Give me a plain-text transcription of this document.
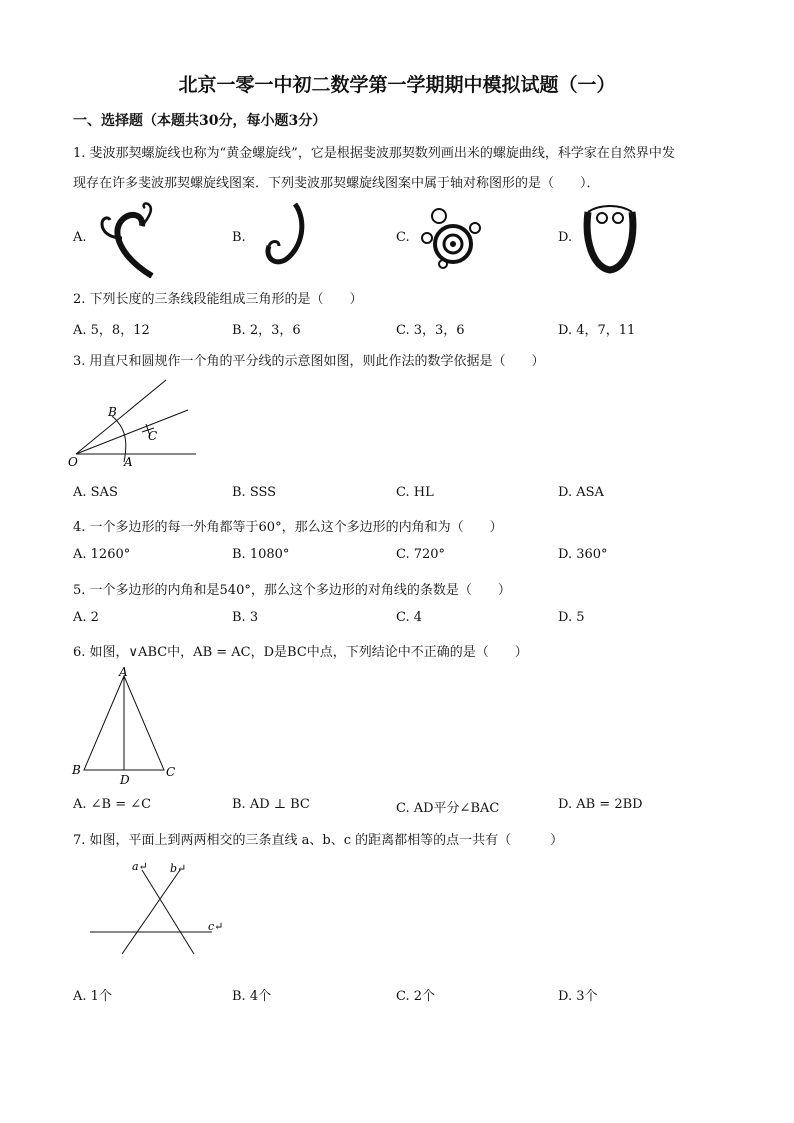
北京一零一中初二数学第一学期期中模拟试题（一）
一、选择题（本题共30分，每小题3分）
1. 斐波那契螺旋线也称为“黄金螺旋线”，它是根据斐波那契数列画出米的螺旋曲线，科学家在自然界中发
现存在许多斐波那契螺旋线图案．下列斐波那契螺旋线图案中属于轴对称图形的是（　　）．
A.	B.	C.	D.
2. 下列长度的三条线段能组成三角形的是（　　）
A. 5，8，12	B. 2，3，6	C. 3，3，6	D. 4，7，11
3. 用直尺和圆规作一个角的平分线的示意图如图，则此作法的数学依据是（　　）
O	A
B
C
A. SAS	B. SSS	C. HL	D. ASA
4. 一个多边形的每一外角都等于60°，那么这个多边形的内角和为（　　）
A. 1260°	B. 1080°	C. 720°	D. 360°
5. 一个多边形的内角和是540°，那么这个多边形的对角线的条数是（　　）
A. 2	B. 3	C. 4	D. 5
6. 如图，∨ABC中，AB = AC，D是BC中点，下列结论中不正确的是（　　）
A
B	C
D
A. ∠B = ∠C	B. AD ⊥ BC	C. AD平分∠BAC	D. AB = 2BD
7. 如图，平面上到两两相交的三条直线 a、b、c 的距离都相等的点一共有（　　　）
a↵ b↵
c↵
A. 1个	B. 4个	C. 2个	D. 3个
